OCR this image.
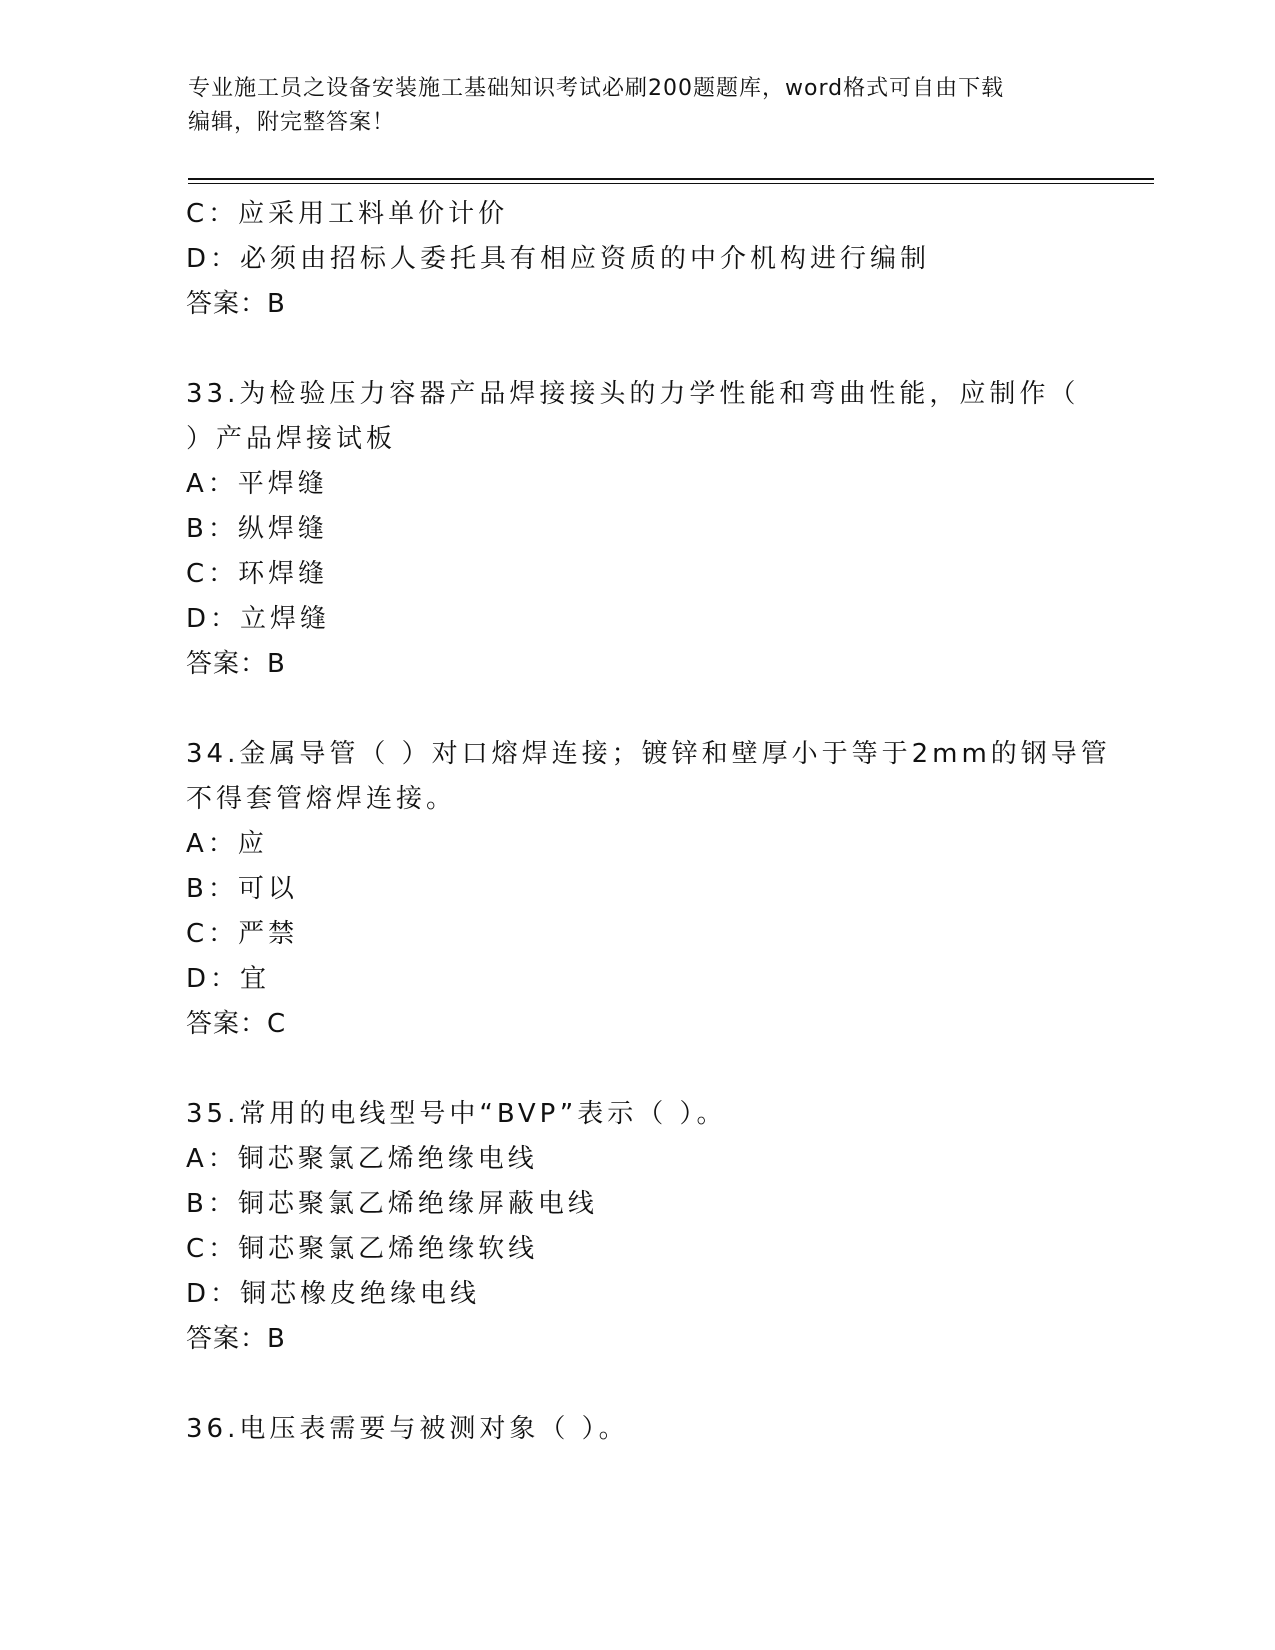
专业施工员之设备安装施工基础知识考试必刷200题题库，word格式可自由下载
编辑，附完整答案！
C：应采用工料单价计价
D：必须由招标人委托具有相应资质的中介机构进行编制
答案：B
33.为检验压力容器产品焊接接头的力学性能和弯曲性能，应制作（
）产品焊接试板
A：平焊缝
B：纵焊缝
C：环焊缝
D：立焊缝
答案：B
34.金属导管（ ）对口熔焊连接；镀锌和壁厚小于等于2mm的钢导管
不得套管熔焊连接。
A：应
B：可以
C：严禁
D：宜
答案：C
35.常用的电线型号中“BVP”表示（ ）。
A：铜芯聚氯乙烯绝缘电线
B：铜芯聚氯乙烯绝缘屏蔽电线
C：铜芯聚氯乙烯绝缘软线
D：铜芯橡皮绝缘电线
答案：B
36.电压表需要与被测对象（ ）。
